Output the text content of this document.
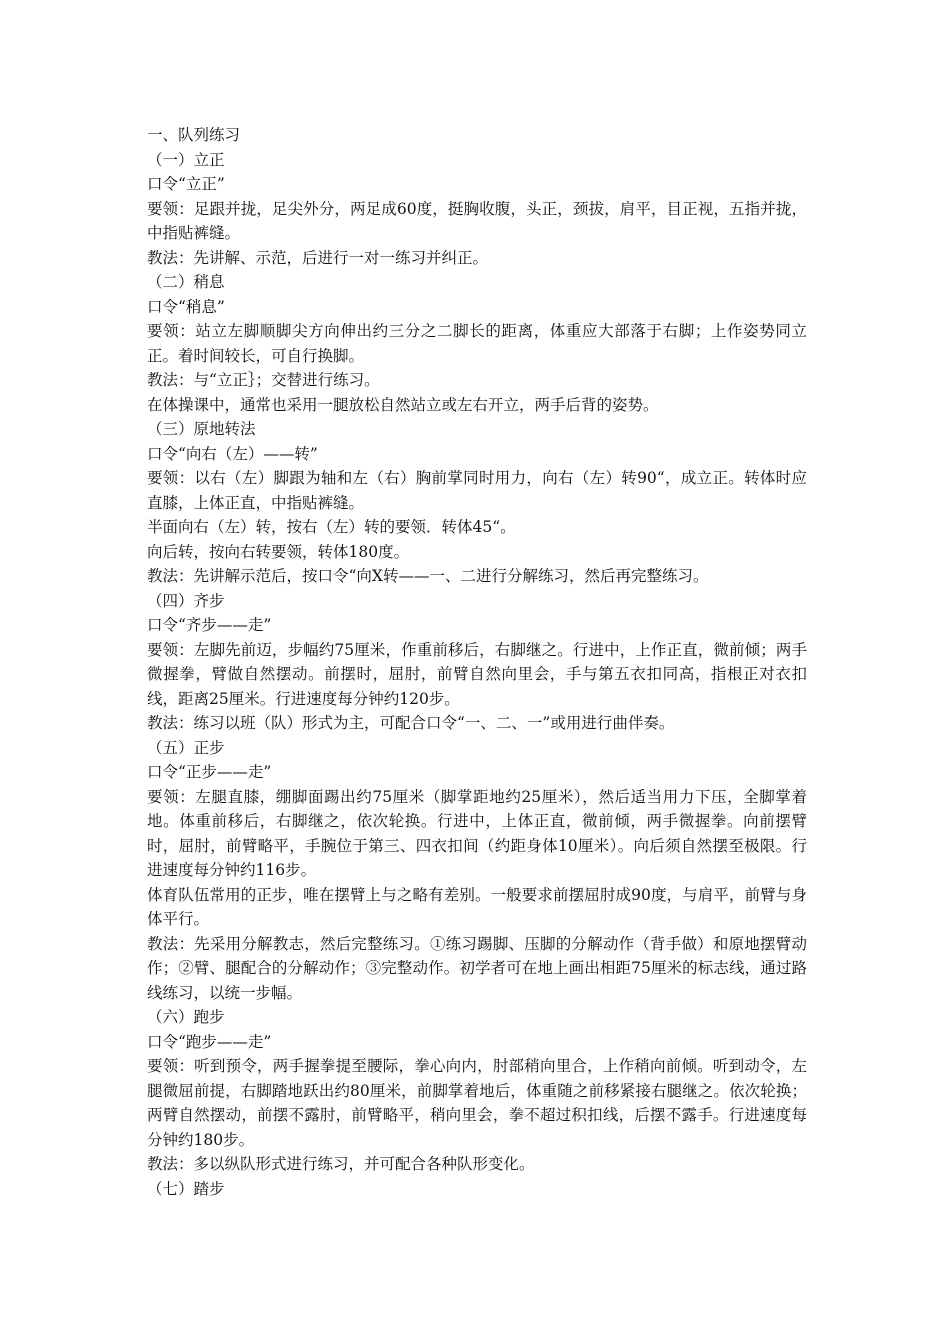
一、队列练习

（一）立正

口令“立正”

要领：足跟并拢，足尖外分，两足成60度，挺胸收腹，头正，颈拔，肩平，目正视，五指并拢，中指贴裤缝。

教法：先讲解、示范，后进行一对一练习并纠正。

（二）稍息

口令“稍息”

要领：站立左脚顺脚尖方向伸出约三分之二脚长的距离，体重应大部落于右脚；上作姿势同立正。着时间较长，可自行换脚。

教法：与“立正｝；交替进行练习。

在体操课中，通常也采用一腿放松自然站立或左右开立，两手后背的姿势。

（三）原地转法

口令“向右（左）——转”

要领：以右（左）脚跟为轴和左（右）胸前掌同时用力，向右（左）转90“，成立正。转体时应直膝，上体正直，中指贴裤缝。

半面向右（左）转，按右（左）转的要领．转体45“。

向后转，按向右转要领，转体180度。

教法：先讲解示范后，按口令“向X转——一、二进行分解练习，然后再完整练习。

（四）齐步

口令“齐步——走”

要领：左脚先前迈，步幅约75厘米，作重前移后，右脚继之。行进中，上作正直，微前倾；两手微握拳，臂做自然摆动。前摆时，屈肘，前臂自然向里会，手与第五衣扣同高，指根正对衣扣线，距离25厘米。行进速度每分钟约120步。

教法：练习以班（队）形式为主，可配合口令“一、二、一”或用进行曲伴奏。

（五）正步

口令“正步——走”

要领：左腿直膝，绷脚面踢出约75厘米（脚掌距地约25厘米），然后适当用力下压，全脚掌着地。体重前移后，右脚继之，依次轮换。行进中，上体正直，微前倾，两手微握拳。向前摆臂时，屈肘，前臂略平，手腕位于第三、四衣扣间（约距身体10厘米）。向后须自然摆至极限。行进速度每分钟约116步。

体育队伍常用的正步，唯在摆臂上与之略有差别。一般要求前摆屈肘成90度，与肩平，前臂与身体平行。

教法：先采用分解教志，然后完整练习。①练习踢脚、压脚的分解动作（背手做）和原地摆臂动作；②臂、腿配合的分解动作；③完整动作。初学者可在地上画出相距75厘米的标志线，通过路线练习，以统一步幅。

（六）跑步

口令“跑步——走”

要领：听到预令，两手握拳提至腰际，拳心向内，肘部稍向里合，上作稍向前倾。听到动令，左腿微屈前提，右脚踏地跃出约80厘米，前脚掌着地后，体重随之前移紧接右腿继之。依次轮换；两臂自然摆动，前摆不露肘，前臂略平，稍向里会，拳不超过积扣线，后摆不露手。行进速度每分钟约180步。

教法：多以纵队形式进行练习，并可配合各种队形变化。

（七）踏步
